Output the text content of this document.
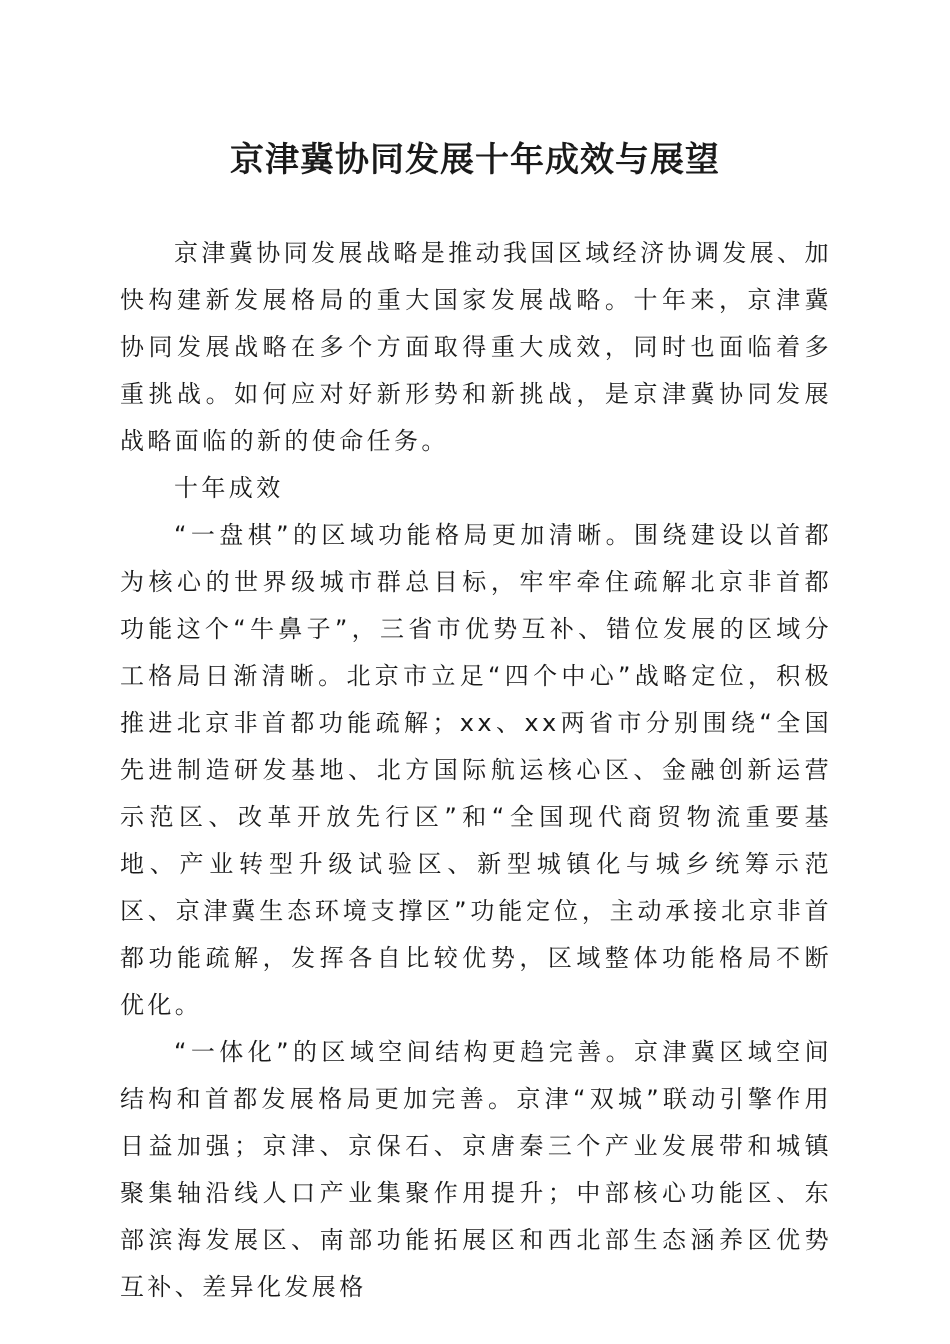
京津冀协同发展十年成效与展望

京津冀协同发展战略是推动我国区域经济协调发展、加快构建新发展格局的重大国家发展战略。十年来，京津冀协同发展战略在多个方面取得重大成效，同时也面临着多重挑战。如何应对好新形势和新挑战，是京津冀协同发展战略面临的新的使命任务。

十年成效

“一盘棋”的区域功能格局更加清晰。围绕建设以首都为核心的世界级城市群总目标，牢牢牵住疏解北京非首都功能这个“牛鼻子”，三省市优势互补、错位发展的区域分工格局日渐清晰。北京市立足“四个中心”战略定位，积极推进北京非首都功能疏解；xx、xx两省市分别围绕“全国先进制造研发基地、北方国际航运核心区、金融创新运营示范区、改革开放先行区”和“全国现代商贸物流重要基地、产业转型升级试验区、新型城镇化与城乡统筹示范区、京津冀生态环境支撑区”功能定位，主动承接北京非首都功能疏解，发挥各自比较优势，区域整体功能格局不断优化。

“一体化”的区域空间结构更趋完善。京津冀区域空间结构和首都发展格局更加完善。京津“双城”联动引擎作用日益加强；京津、京保石、京唐秦三个产业发展带和城镇聚集轴沿线人口产业集聚作用提升；中部核心功能区、东部滨海发展区、南部功能拓展区和西北部生态涵养区优势互补、差异化发展格
